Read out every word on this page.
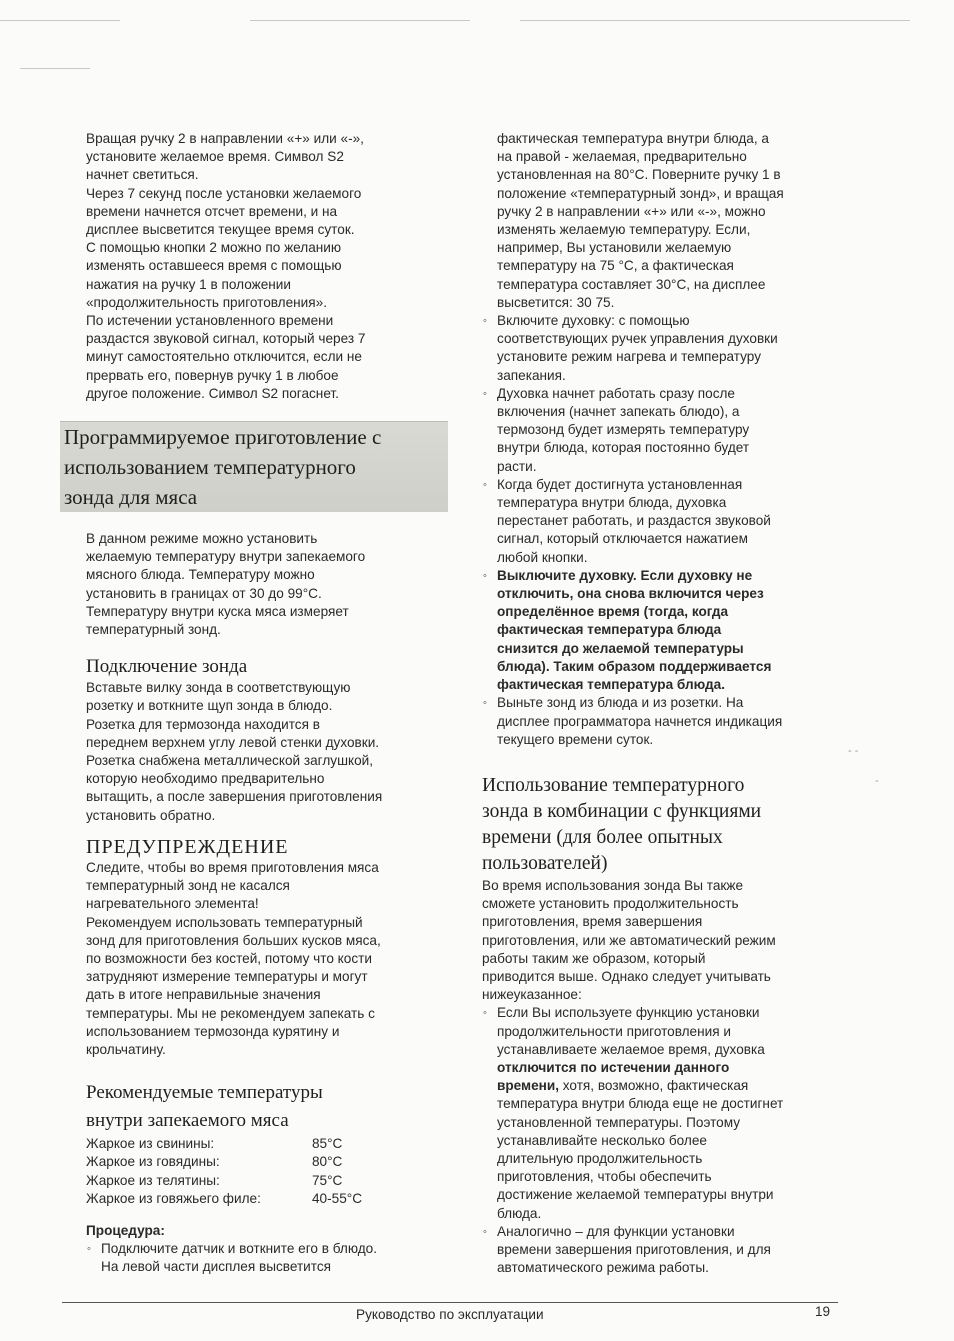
Вращая ручку 2 в направлении «+» или «-»,
установите желаемое время. Символ S2
начнет светиться.
Через 7 секунд после установки желаемого
времени начнется отсчет времени, и на
дисплее высветится текущее время суток.
С помощью кнопки 2 можно по желанию
изменять оставшееся время с помощью
нажатия на ручку 1 в положении
«продолжительность приготовления».
По истечении установленного времени
раздастся звуковой сигнал, который через 7
минут самостоятельно отключится, если не
прервать его, повернув ручку 1 в любое
другое положение. Символ S2 погаснет.
Программируемое приготовление с
использованием температурного
зонда для мяса
В данном режиме можно установить
желаемую температуру внутри запекаемого
мясного блюда. Температуру можно
установить в границах от 30 до 99°С.
Температуру внутри куска мяса измеряет
температурный зонд.
Подключение зонда
Вставьте вилку зонда в соответствующую
розетку и воткните щуп зонда в блюдо.
Розетка для термозонда находится в
переднем верхнем углу левой стенки духовки.
Розетка снабжена металлической заглушкой,
которую необходимо предварительно
вытащить, а после завершения приготовления
установить обратно.
ПРЕДУПРЕЖДЕНИЕ
Следите, чтобы во время приготовления мяса
температурный зонд не касался
нагревательного элемента!
Рекомендуем использовать температурный
зонд для приготовления больших кусков мяса,
по возможности без костей, потому что кости
затрудняют измерение температуры и могут
дать в итоге неправильные значения
температуры. Мы не рекомендуем запекать с
использованием термозонда курятину и
крольчатину.
Рекомендуемые температуры
внутри запекаемого мяса
Жаркое из свинины:	85°С
Жаркое из говядины:	80°С
Жаркое из телятины:	75°С
Жаркое из говяжьего филе:	40-55°С
Процедура:
◦ Подключите датчик и воткните его в блюдо.
На левой части дисплея высветится
фактическая температура внутри блюда, а
на правой - желаемая, предварительно
установленная на 80°С. Поверните ручку 1 в
положение «температурный зонд», и вращая
ручку 2 в направлении «+» или «-», можно
изменять желаемую температуру. Если,
например, Вы установили желаемую
температуру на 75 °С, а фактическая
температура составляет 30°С, на дисплее
высветится: 30 75.
◦ Включите духовку: с помощью
соответствующих ручек управления духовки
установите режим нагрева и температуру
запекания.
◦ Духовка начнет работать сразу после
включения (начнет запекать блюдо), а
термозонд будет измерять температуру
внутри блюда, которая постоянно будет
расти.
◦ Когда будет достигнута установленная
температура внутри блюда, духовка
перестанет работать, и раздастся звуковой
сигнал, который отключается нажатием
любой кнопки.
◦ Выключите духовку. Если духовку не
отключить, она снова включится через
определённое время (тогда, когда
фактическая температура блюда
снизится до желаемой температуры
блюда). Таким образом поддерживается
фактическая температура блюда.
◦ Выньте зонд из блюда и из розетки. На
дисплее программатора начнется индикация
текущего времени суток.
Использование температурного
зонда в комбинации с функциями
времени (для более опытных
пользователей)
Во время использования зонда Вы также
сможете установить продолжительность
приготовления, время завершения
приготовления, или же автоматический режим
работы таким же образом, который
приводится выше. Однако следует учитывать
нижеуказанное:
◦ Если Вы используете функцию установки
продолжительности приготовления и
устанавливаете желаемое время, духовка
отключится по истечении данного
времени, хотя, возможно, фактическая
температура внутри блюда еще не достигнет
установленной температуры. Поэтому
устанавливайте несколько более
длительную продолжительность
приготовления, чтобы обеспечить
достижение желаемой температуры внутри
блюда.
◦ Аналогично – для функции установки
времени завершения приготовления, и для
автоматического режима работы.
- -
-
Руководство по эксплуатации	19
